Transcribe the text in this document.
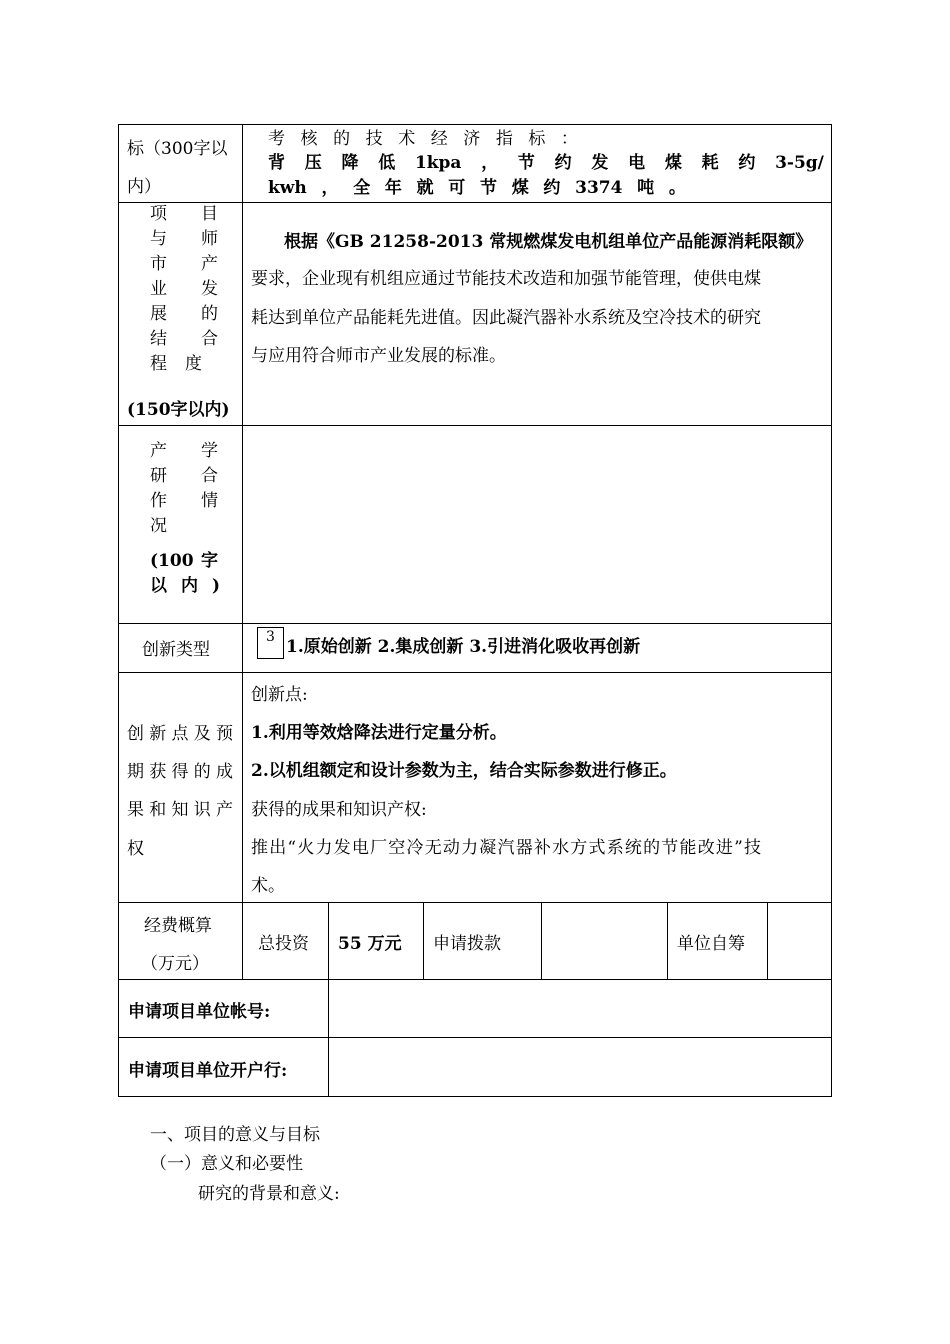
标（300字以
内）
考 核 的 技 术 经 济 指 标 ：
背 压 降 低 1kpa ， 节 约 发 电 煤 耗 约 3-5g/
kwh ， 全 年 就 可 节 煤 约 3374 吨 。
项 目
与 师
市 产
业 发
展 的
结 合
程 度
(150字以内)
根据《GB 21258-2013 常规燃煤发电机组单位产品能源消耗限额》
要求，企业现有机组应通过节能技术改造和加强节能管理，使供电煤
耗达到单位产品能耗先进值。因此凝汽器补水系统及空冷技术的研究
与应用符合师市产业发展的标准。
产 学
研 合
作 情
况
(100 字
以 内 )
创新类型
3 1.原始创新 2.集成创新 3.引进消化吸收再创新
创 新 点 及 预
期 获 得 的 成
果 和 知 识 产
权
创新点:
1.利用等效焓降法进行定量分析。
2.以机组额定和设计参数为主，结合实际参数进行修正。
获得的成果和知识产权:
推出“火力发电厂空冷无动力凝汽器补水方式系统的节能改进”技
术。
经费概算
（万元）
总投资 55 万元 申请拨款	单位自筹
申请项目单位帐号:
申请项目单位开户行:
一、项目的意义与目标
（一）意义和必要性
研究的背景和意义:
